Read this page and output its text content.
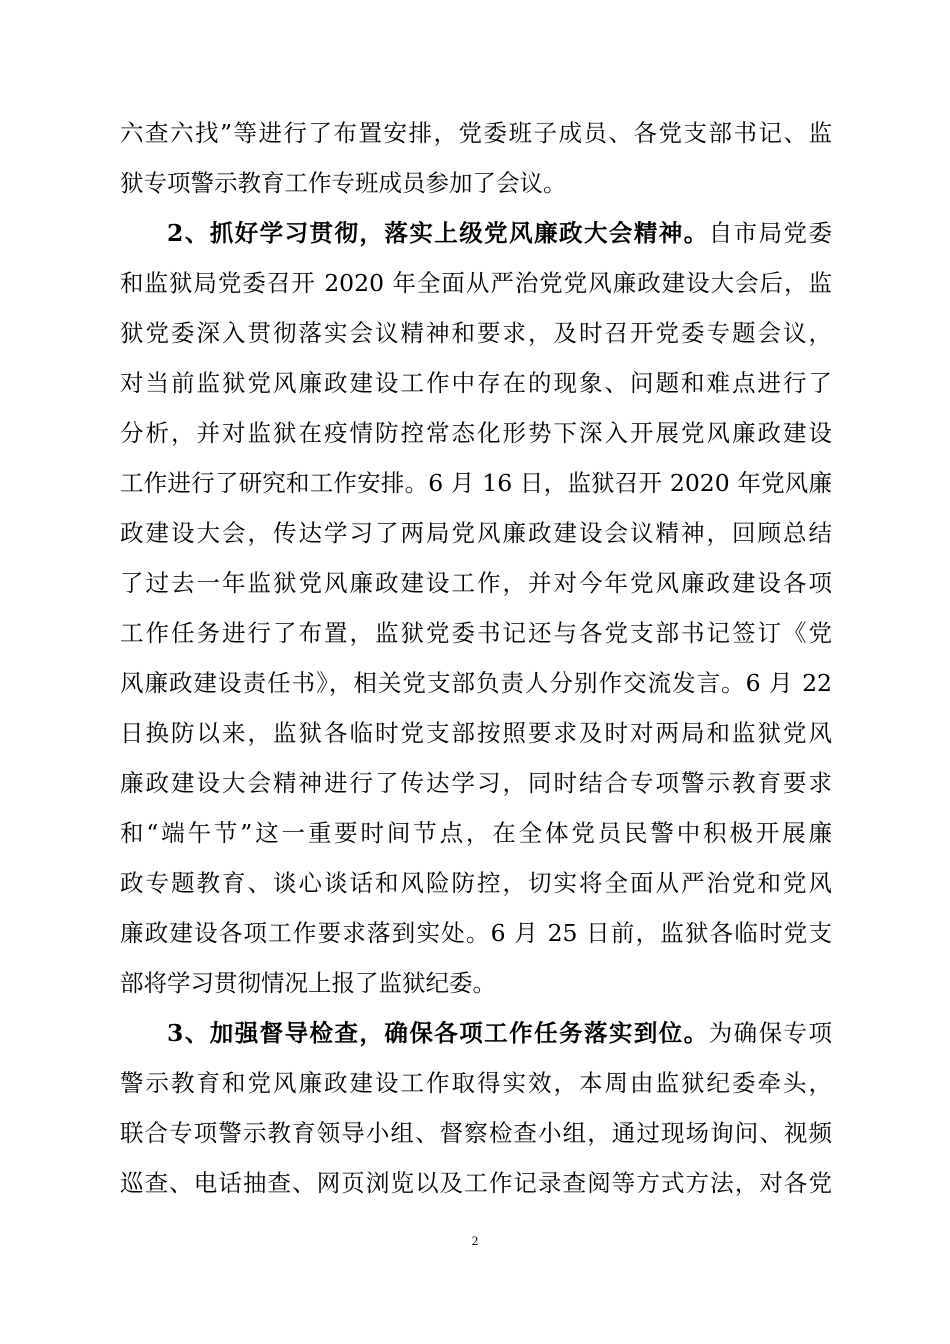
六查六找”等进行了布置安排，党委班子成员、各党支部书记、监
狱专项警示教育工作专班成员参加了会议。
2、抓好学习贯彻，落实上级党风廉政大会精神。自市局党委
和监狱局党委召开 2020 年全面从严治党党风廉政建设大会后，监
狱党委深入贯彻落实会议精神和要求，及时召开党委专题会议，
对当前监狱党风廉政建设工作中存在的现象、问题和难点进行了
分析，并对监狱在疫情防控常态化形势下深入开展党风廉政建设
工作进行了研究和工作安排。6 月 16 日，监狱召开 2020 年党风廉
政建设大会，传达学习了两局党风廉政建设会议精神，回顾总结
了过去一年监狱党风廉政建设工作，并对今年党风廉政建设各项
工作任务进行了布置，监狱党委书记还与各党支部书记签订《党
风廉政建设责任书》，相关党支部负责人分别作交流发言。6 月 22
日换防以来，监狱各临时党支部按照要求及时对两局和监狱党风
廉政建设大会精神进行了传达学习，同时结合专项警示教育要求
和“端午节”这一重要时间节点，在全体党员民警中积极开展廉
政专题教育、谈心谈话和风险防控，切实将全面从严治党和党风
廉政建设各项工作要求落到实处。6 月 25 日前，监狱各临时党支
部将学习贯彻情况上报了监狱纪委。
3、加强督导检查，确保各项工作任务落实到位。为确保专项
警示教育和党风廉政建设工作取得实效，本周由监狱纪委牵头，
联合专项警示教育领导小组、督察检查小组，通过现场询问、视频
巡查、电话抽查、网页浏览以及工作记录查阅等方式方法，对各党
2
